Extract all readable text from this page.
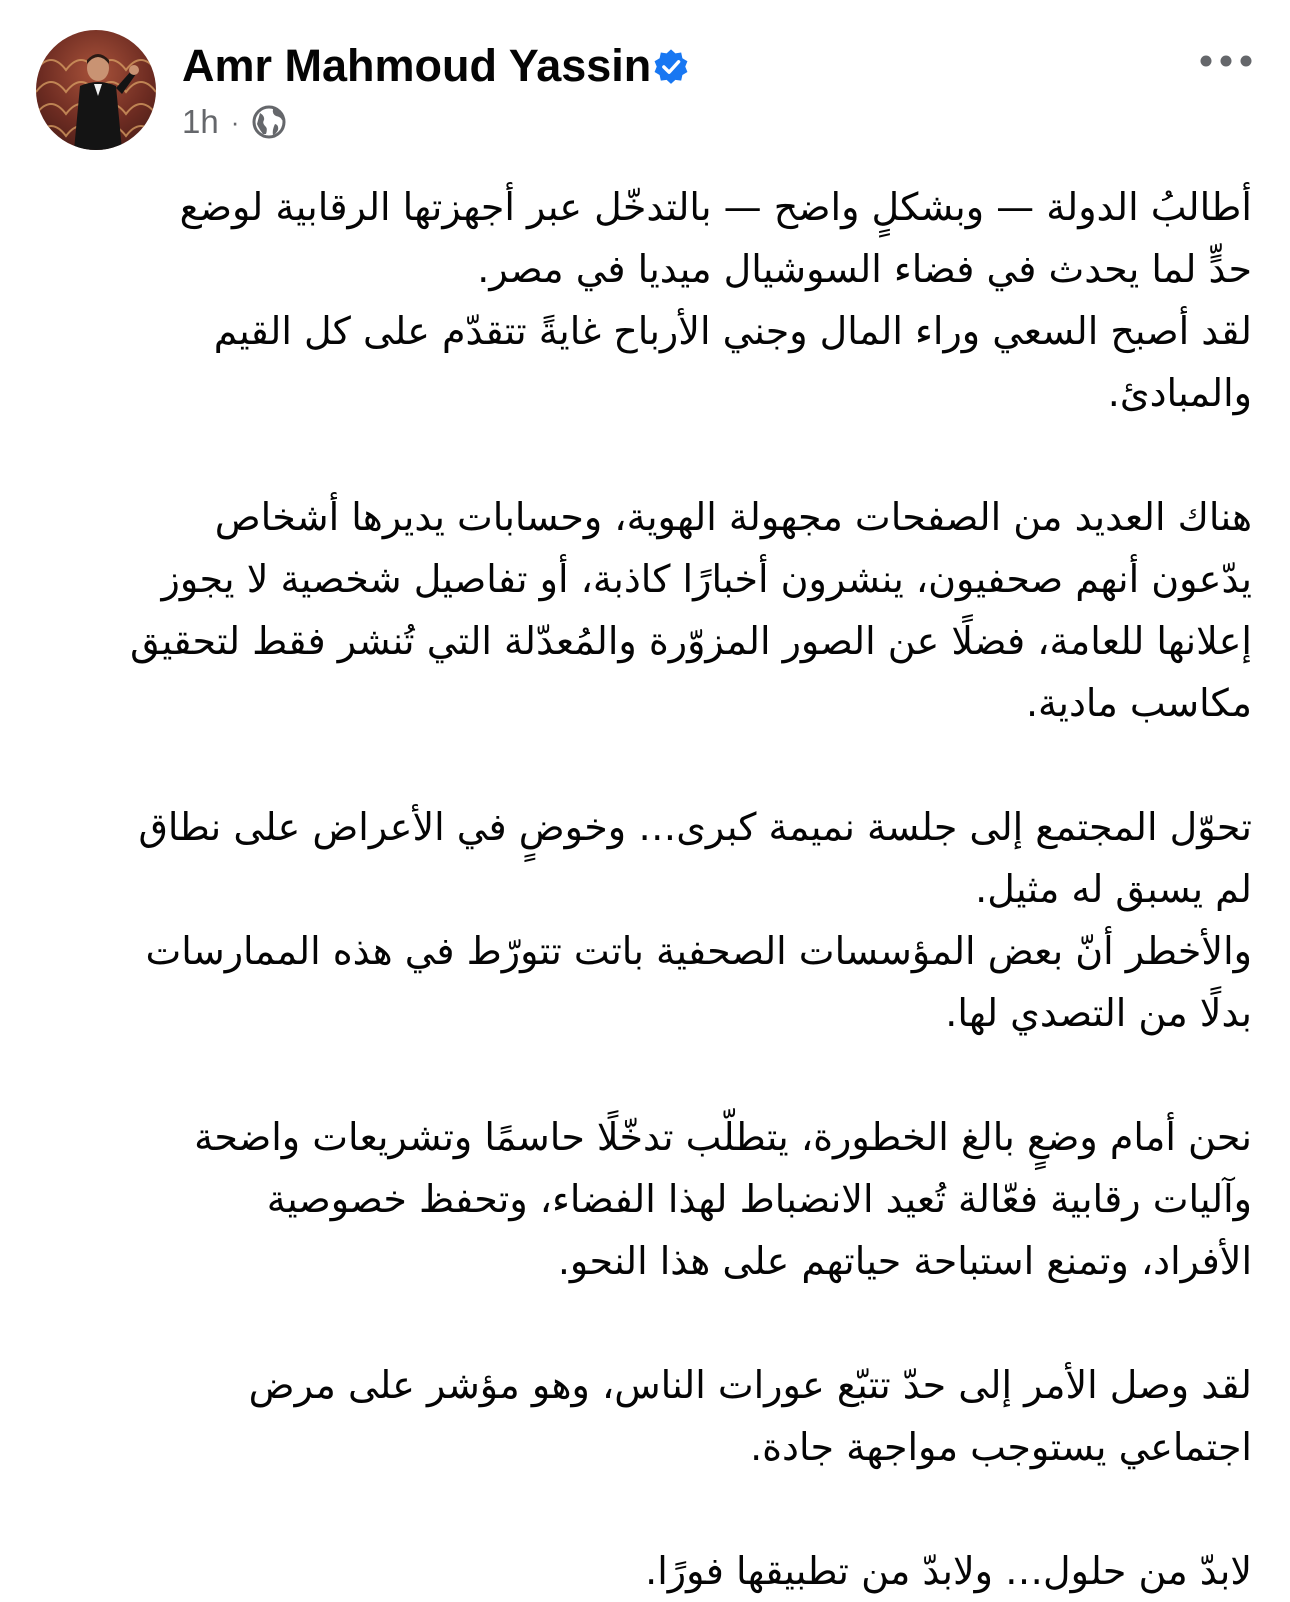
Amr Mahmoud Yassin
1h ·

أطالبُ الدولة — وبشكلٍ واضح — بالتدخّل عبر أجهزتها الرقابية لوضع
حدٍّ لما يحدث في فضاء السوشيال ميديا في مصر.
لقد أصبح السعي وراء المال وجني الأرباح غايةً تتقدّم على كل القيم
والمبادئ.

هناك العديد من الصفحات مجهولة الهوية، وحسابات يديرها أشخاص
يدّعون أنهم صحفيون، ينشرون أخبارًا كاذبة، أو تفاصيل شخصية لا يجوز
إعلانها للعامة، فضلًا عن الصور المزوّرة والمُعدّلة التي تُنشر فقط لتحقيق
مكاسب مادية.

تحوّل المجتمع إلى جلسة نميمة كبرى… وخوضٍ في الأعراض على نطاق
لم يسبق له مثيل.
والأخطر أنّ بعض المؤسسات الصحفية باتت تتورّط في هذه الممارسات
بدلًا من التصدي لها.

نحن أمام وضعٍ بالغ الخطورة، يتطلّب تدخّلًا حاسمًا وتشريعات واضحة
وآليات رقابية فعّالة تُعيد الانضباط لهذا الفضاء، وتحفظ خصوصية
الأفراد، وتمنع استباحة حياتهم على هذا النحو.

لقد وصل الأمر إلى حدّ تتبّع عورات الناس، وهو مؤشر على مرض
اجتماعي يستوجب مواجهة جادة.

لابدّ من حلول… ولابدّ من تطبيقها فورًا.
